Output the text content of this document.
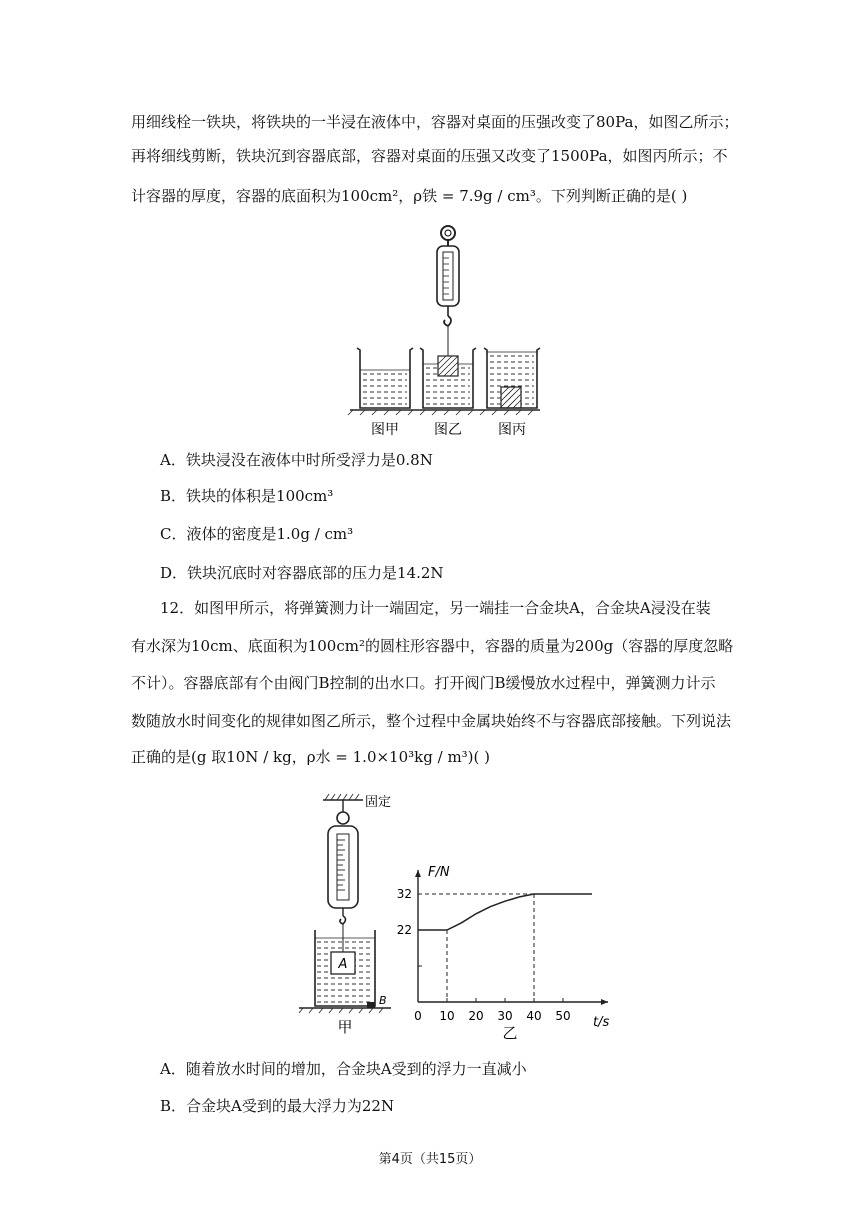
用细线栓一铁块，将铁块的一半浸在液体中，容器对桌面的压强改变了80Pa，如图乙所示；
再将细线剪断，铁块沉到容器底部，容器对桌面的压强又改变了1500Pa，如图丙所示；不
计容器的厚度，容器的底面积为100cm²，ρ铁 = 7.9g / cm³。下列判断正确的是( )
图甲	图乙	图丙
A．铁块浸没在液体中时所受浮力是0.8N
B．铁块的体积是100cm³
C．液体的密度是1.0g / cm³
D．铁块沉底时对容器底部的压力是14.2N
12．如图甲所示，将弹簧测力计一端固定，另一端挂一合金块A，合金块A浸没在装
有水深为10cm、底面积为100cm²的圆柱形容器中，容器的质量为200g（容器的厚度忽略
不计）。容器底部有个由阀门B控制的出水口。打开阀门B缓慢放水过程中，弹簧测力计示
数随放水时间变化的规律如图乙所示，整个过程中金属块始终不与容器底部接触。下列说法
正确的是(g 取10N / kg，ρ水 = 1.0×10³kg / m³)( )
固定
A
B
甲
F/N
t/s
0 10 20 30 40 50
22
32
乙
A．随着放水时间的增加，合金块A受到的浮力一直减小
B．合金块A受到的最大浮力为22N
第4页（共15页）
